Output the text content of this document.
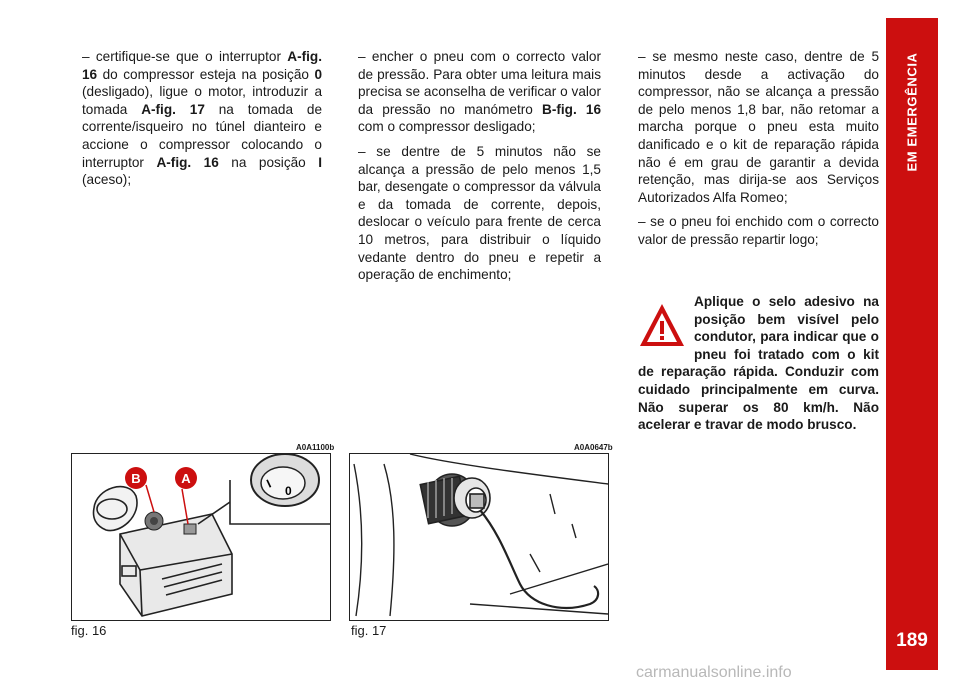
– certifique-se que o interruptor A-fig. 16 do compressor esteja na posição 0 (desligado), ligue o motor, introduzir a tomada A-fig. 17 na tomada de corrente/isqueiro no túnel dianteiro e accione o compressor colocando o interruptor A-fig. 16 na posição I (aceso);

– encher o pneu com o correcto valor de pressão. Para obter uma leitura mais precisa se aconselha de verificar o valor da pressão no manómetro B-fig. 16 com o compressor desligado;

– se dentre de 5 minutos não se alcança a pressão de pelo menos 1,5 bar, desengate o compressor da válvula e da tomada de corrente, depois, deslocar o veículo para frente de cerca 10 metros, para distribuir o líquido vedante dentro do pneu e repetir a operação de enchimento;

– se mesmo neste caso, dentre de 5 minutos desde a activação do compressor, não se alcança a pressão de pelo menos 1,8 bar, não retomar a marcha porque o pneu esta muito danificado e o kit de reparação rápida não é em grau de garantir a devida retenção, mas dirija-se aos Serviços Autorizados Alfa Romeo;

– se o pneu foi enchido com o correcto valor de pressão repartir logo;

Aplique o selo adesivo na posição bem visível pelo condutor, para indicar que o pneu foi tratado com o kit de reparação rápida. Conduzir com cuidado principalmente em curva. Não superar os 80 km/h. Não acelerar e travar de modo brusco.
A0A1100b
I
0
B	A
fig. 16
A0A0647b
fig. 17
EM EMERGÊNCIA
189
carmanualsonline.info
